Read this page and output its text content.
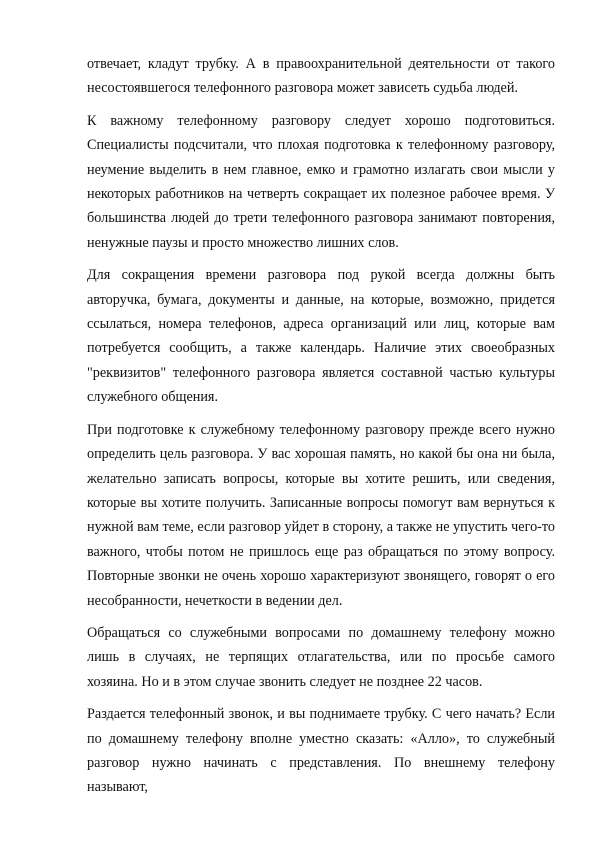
отвечает, кладут трубку. А в правоохранительной деятельности от такого несостоявшегося телефонного разговора может зависеть судьба людей.

К важному телефонному разговору следует хорошо подготовиться. Специалисты подсчитали, что плохая подготовка к телефонному разговору, неумение выделить в нем главное, емко и грамотно излагать свои мысли у некоторых работников на четверть сокращает их полезное рабочее время. У большинства людей до трети телефонного разговора занимают повторения, ненужные паузы и просто множество лишних слов.

Для сокращения времени разговора под рукой всегда должны быть авторучка, бумага, документы и данные, на которые, возможно, придется ссылаться, номера телефонов, адреса организаций или лиц, которые вам потребуется сообщить, а также календарь. Наличие этих своеобразных "реквизитов" телефонного разговора является составной частью культуры служебного общения.

При подготовке к служебному телефонному разговору прежде всего нужно определить цель разговора. У вас хорошая память, но какой бы она ни была, желательно записать вопросы, которые вы хотите решить, или сведения, которые вы хотите получить. Записанные вопросы помогут вам вернуться к нужной вам теме, если разговор уйдет в сторону, а также не упустить чего-то важного, чтобы потом не пришлось еще раз обращаться по этому вопросу. Повторные звонки не очень хорошо характеризуют звонящего, говорят о его несобранности, нечеткости в ведении дел.

Обращаться со служебными вопросами по домашнему телефону можно лишь в случаях, не терпящих отлагательства, или по просьбе самого хозяина. Но и в этом случае звонить следует не позднее 22 часов.

Раздается телефонный звонок, и вы поднимаете трубку. С чего начать? Если по домашнему телефону вполне уместно сказать: «Алло», то служебный разговор нужно начинать с представления. По внешнему телефону называют,
